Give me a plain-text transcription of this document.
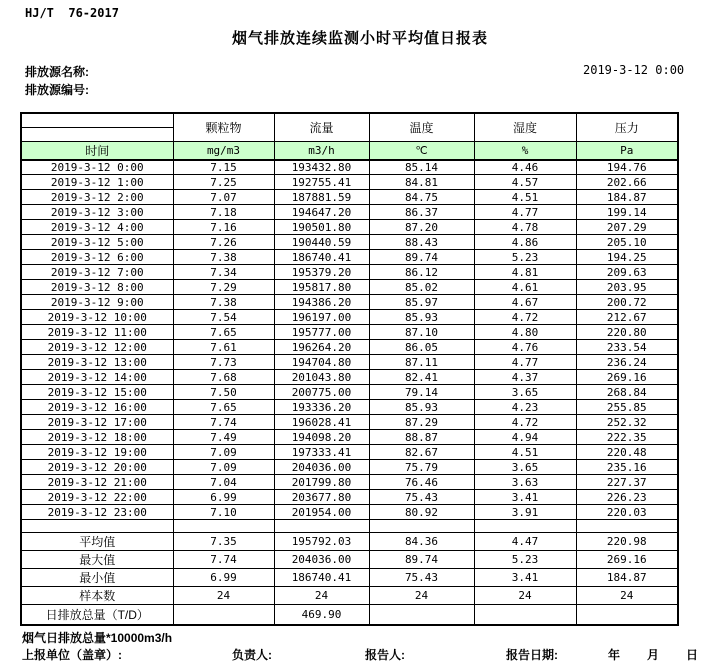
HJ/T  76-2017
烟气排放连续监测小时平均值日报表
排放源名称:
排放源编号:
2019-3-12 0:00
	颗粒物	流量	温度	湿度	压力

时间	mg/m3	m3/h	℃	%	Pa
2019-3-12 0:00	7.15	193432.80	85.14	4.46	194.76
2019-3-12 1:00	7.25	192755.41	84.81	4.57	202.66
2019-3-12 2:00	7.07	187881.59	84.75	4.51	184.87
2019-3-12 3:00	7.18	194647.20	86.37	4.77	199.14
2019-3-12 4:00	7.16	190501.80	87.20	4.78	207.29
2019-3-12 5:00	7.26	190440.59	88.43	4.86	205.10
2019-3-12 6:00	7.38	186740.41	89.74	5.23	194.25
2019-3-12 7:00	7.34	195379.20	86.12	4.81	209.63
2019-3-12 8:00	7.29	195817.80	85.02	4.61	203.95
2019-3-12 9:00	7.38	194386.20	85.97	4.67	200.72
2019-3-12 10:00	7.54	196197.00	85.93	4.72	212.67
2019-3-12 11:00	7.65	195777.00	87.10	4.80	220.80
2019-3-12 12:00	7.61	196264.20	86.05	4.76	233.54
2019-3-12 13:00	7.73	194704.80	87.11	4.77	236.24
2019-3-12 14:00	7.68	201043.80	82.41	4.37	269.16
2019-3-12 15:00	7.50	200775.00	79.14	3.65	268.84
2019-3-12 16:00	7.65	193336.20	85.93	4.23	255.85
2019-3-12 17:00	7.74	196028.41	87.29	4.72	252.32
2019-3-12 18:00	7.49	194098.20	88.87	4.94	222.35
2019-3-12 19:00	7.09	197333.41	82.67	4.51	220.48
2019-3-12 20:00	7.09	204036.00	75.79	3.65	235.16
2019-3-12 21:00	7.04	201799.80	76.46	3.63	227.37
2019-3-12 22:00	6.99	203677.80	75.43	3.41	226.23
2019-3-12 23:00	7.10	201954.00	80.92	3.91	220.03

平均值	7.35	195792.03	84.36	4.47	220.98
最大值	7.74	204036.00	89.74	5.23	269.16
最小值	6.99	186740.41	75.43	3.41	184.87
样本数	24	24	24	24	24
日排放总量（T/D）		469.90			
烟气日排放总量*10000m3/h
上报单位（盖章）:	负责人:	报告人:	报告日期:	年 月 日
